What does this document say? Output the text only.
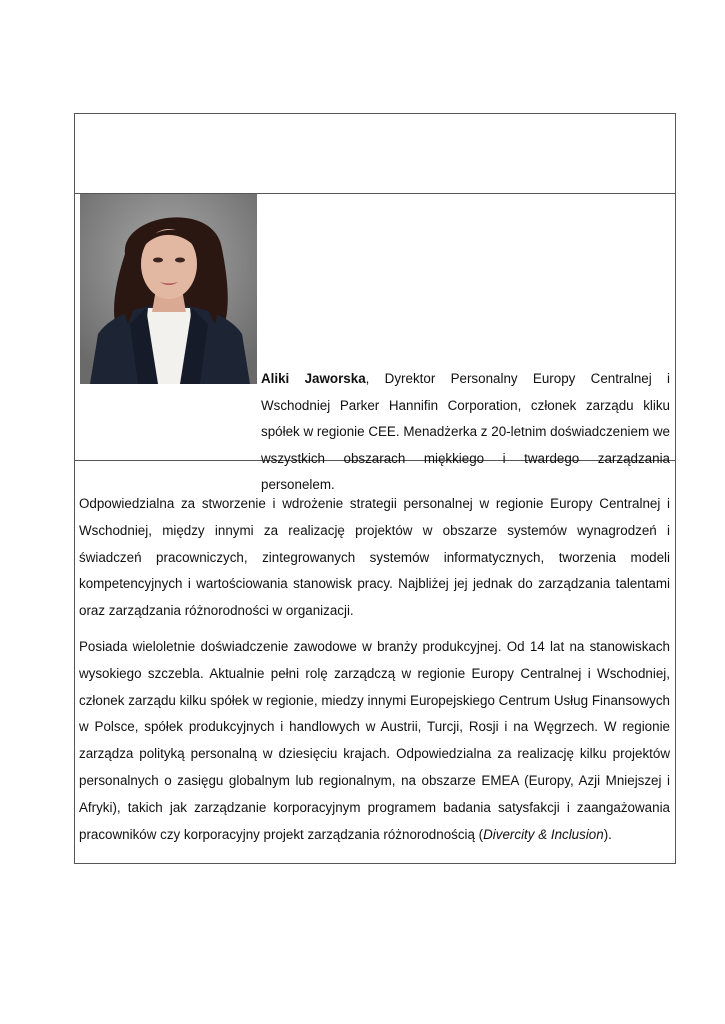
Aliki Jaworska, Dyrektor Personalny Europy Centralnej i Wschodniej Parker Hannifin Corporation, członek zarządu kliku spółek w regionie CEE. Menadżerka z 20-letnim doświadczeniem we wszystkich obszarach miękkiego i twardego zarządzania personelem.

Odpowiedzialna za stworzenie i wdrożenie strategii personalnej w regionie Europy Centralnej i Wschodniej, między innymi za realizację projektów w obszarze systemów wynagrodzeń i świadczeń pracowniczych, zintegrowanych systemów informatycznych, tworzenia modeli kompetencyjnych i wartościowania stanowisk pracy. Najbliżej jej jednak do zarządzania talentami oraz zarządzania różnorodności w organizacji.

Posiada wieloletnie doświadczenie zawodowe w branży produkcyjnej. Od 14 lat na stanowiskach wysokiego szczebla. Aktualnie pełni rolę zarządczą w regionie Europy Centralnej i Wschodniej, członek zarządu kilku spółek w regionie, miedzy innymi Europejskiego Centrum Usług Finansowych w Polsce, spółek produkcyjnych i handlowych w Austrii, Turcji, Rosji i na Węgrzech. W regionie zarządza polityką personalną w dziesięciu krajach. Odpowiedzialna za realizację kilku projektów personalnych o zasięgu globalnym lub regionalnym, na obszarze EMEA (Europy, Azji Mniejszej i Afryki), takich jak zarządzanie korporacyjnym programem badania satysfakcji i zaangażowania pracowników czy korporacyjny projekt zarządzania różnorodnością (Divercity & Inclusion).
